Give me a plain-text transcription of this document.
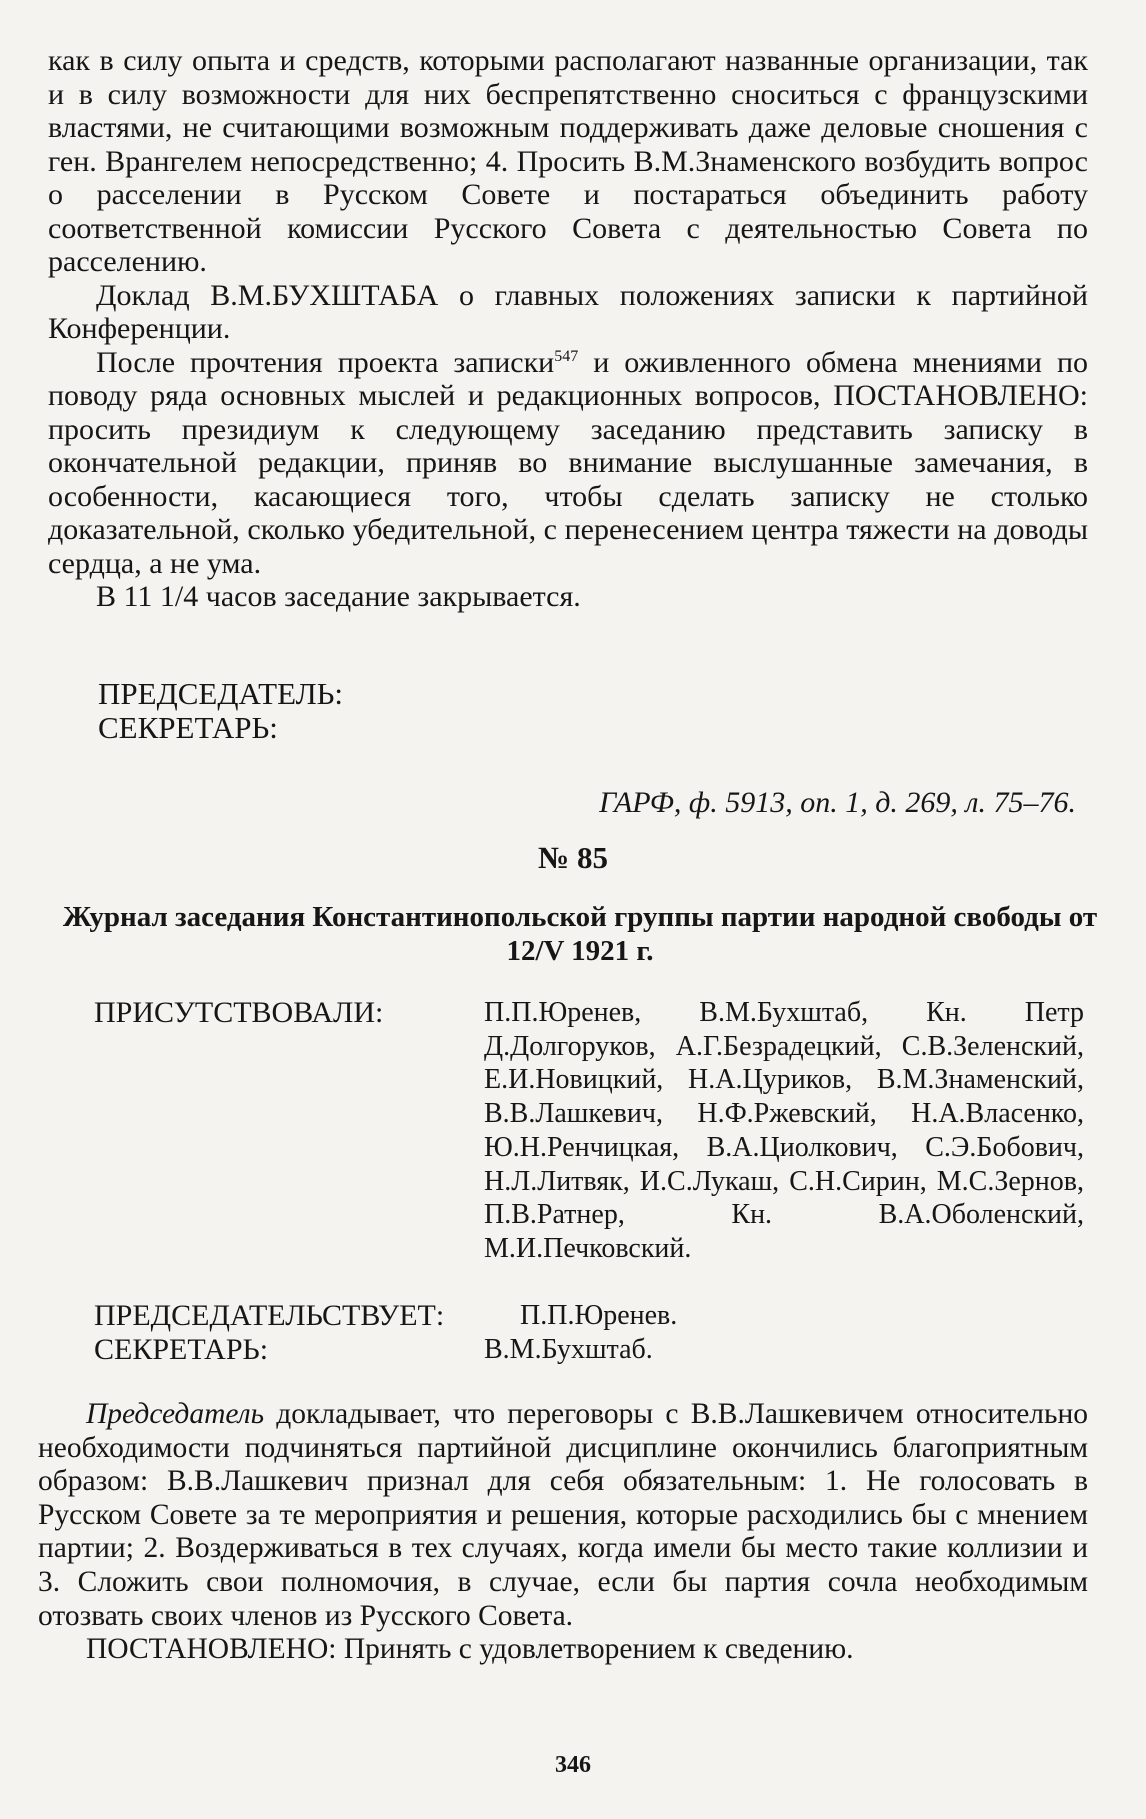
как в силу опыта и средств, которыми располагают названные организации, так и в силу возможности для них беспрепятственно сноситься с французскими властями, не считающими возможным поддерживать даже деловые сношения с ген. Врангелем непосредственно; 4. Просить В.М.Знаменского возбудить вопрос о расселении в Русском Совете и постараться объединить работу соответственной комиссии Русского Совета с деятельностью Совета по расселению.

Доклад В.М.БУХШТАБА о главных положениях записки к партийной Конференции.

После прочтения проекта записки$^{547}$ и оживленного обмена мнениями по поводу ряда основных мыслей и редакционных вопросов, ПОСТАНОВЛЕНО: просить президиум к следующему заседанию представить записку в окончательной редакции, приняв во внимание выслушанные замечания, в особенности, касающиеся того, чтобы сделать записку не столько доказательной, сколько убедительной, с перенесением центра тяжести на доводы сердца, а не ума.

В 11 1/4 часов заседание закрывается.

ПРЕДСЕДАТЕЛЬ:
СЕКРЕТАРЬ:
ГАРФ, ф. 5913, оп. 1, д. 269, л. 75–76.
№ 85
Журнал заседания Константинопольской группы партии народной свободы от 12/V 1921 г.
ПРИСУТСТВОВАЛИ:	П.П.Юренев, В.М.Бухштаб, Кн. Петр Д.Долгоруков, А.Г.Безрадецкий, С.В.Зеленский, Е.И.Новицкий, Н.А.Цуриков, В.М.Знаменский, В.В.Лашкевич, Н.Ф.Ржевский, Н.А.Власенко, Ю.Н.Ренчицкая, В.А.Циолкович, С.Э.Бобович, Н.Л.Литвяк, И.С.Лукаш, С.Н.Сирин, М.С.Зернов, П.В.Ратнер, Кн. В.А.Оболенский, М.И.Печковский.
ПРЕДСЕДАТЕЛЬСТВУЕТ:	П.П.Юренев.
СЕКРЕТАРЬ:	В.М.Бухштаб.

Председатель докладывает, что переговоры с В.В.Лашкевичем относительно необходимости подчиняться партийной дисциплине окончились благоприятным образом: В.В.Лашкевич признал для себя обязательным: 1. Не голосовать в Русском Совете за те мероприятия и решения, которые расходились бы с мнением партии; 2. Воздерживаться в тех случаях, когда имели бы место такие коллизии и 3. Сложить свои полномочия, в случае, если бы партия сочла необходимым отозвать своих членов из Русского Совета.

ПОСТАНОВЛЕНО: Принять с удовлетворением к сведению.

346
